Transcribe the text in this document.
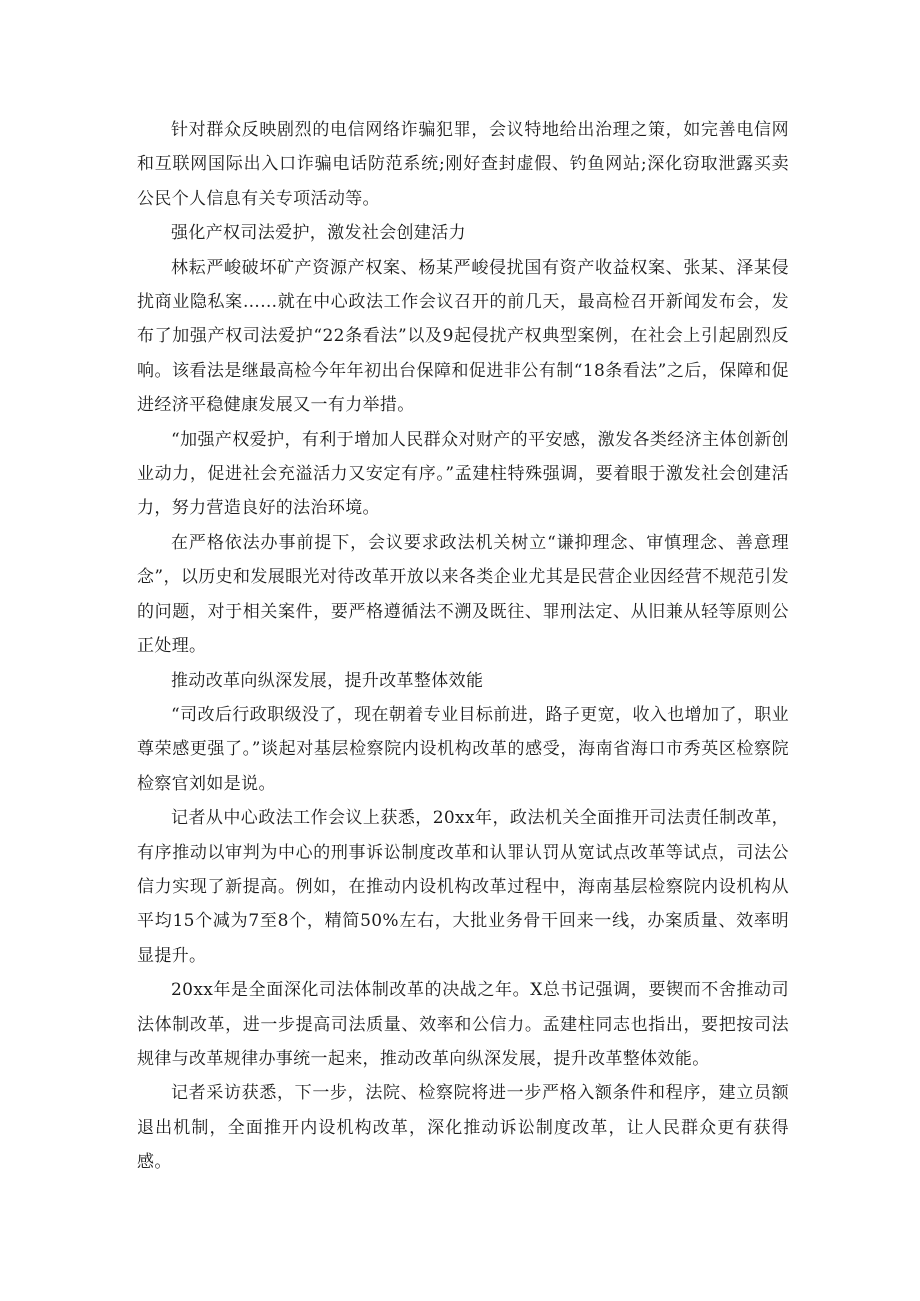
针对群众反映剧烈的电信网络诈骗犯罪，会议特地给出治理之策，如完善电信网和互联网国际出入口诈骗电话防范系统;刚好查封虚假、钓鱼网站;深化窃取泄露买卖公民个人信息有关专项活动等。

强化产权司法爱护，激发社会创建活力

林耘严峻破坏矿产资源产权案、杨某严峻侵扰国有资产收益权案、张某、泽某侵扰商业隐私案……就在中心政法工作会议召开的前几天，最高检召开新闻发布会，发布了加强产权司法爱护“22条看法”以及9起侵扰产权典型案例，在社会上引起剧烈反响。该看法是继最高检今年年初出台保障和促进非公有制“18条看法”之后，保障和促进经济平稳健康发展又一有力举措。

“加强产权爱护，有利于增加人民群众对财产的平安感，激发各类经济主体创新创业动力，促进社会充溢活力又安定有序。”孟建柱特殊强调，要着眼于激发社会创建活力，努力营造良好的法治环境。

在严格依法办事前提下，会议要求政法机关树立“谦抑理念、审慎理念、善意理念”，以历史和发展眼光对待改革开放以来各类企业尤其是民营企业因经营不规范引发的问题，对于相关案件，要严格遵循法不溯及既往、罪刑法定、从旧兼从轻等原则公正处理。

推动改革向纵深发展，提升改革整体效能

“司改后行政职级没了，现在朝着专业目标前进，路子更宽，收入也增加了，职业尊荣感更强了。”谈起对基层检察院内设机构改革的感受，海南省海口市秀英区检察院检察官刘如是说。

记者从中心政法工作会议上获悉，20xx年，政法机关全面推开司法责任制改革，有序推动以审判为中心的刑事诉讼制度改革和认罪认罚从宽试点改革等试点，司法公信力实现了新提高。例如，在推动内设机构改革过程中，海南基层检察院内设机构从平均15个减为7至8个，精简50%左右，大批业务骨干回来一线，办案质量、效率明显提升。

20xx年是全面深化司法体制改革的决战之年。X总书记强调，要锲而不舍推动司法体制改革，进一步提高司法质量、效率和公信力。孟建柱同志也指出，要把按司法规律与改革规律办事统一起来，推动改革向纵深发展，提升改革整体效能。

记者采访获悉，下一步，法院、检察院将进一步严格入额条件和程序，建立员额退出机制，全面推开内设机构改革，深化推动诉讼制度改革，让人民群众更有获得感。
